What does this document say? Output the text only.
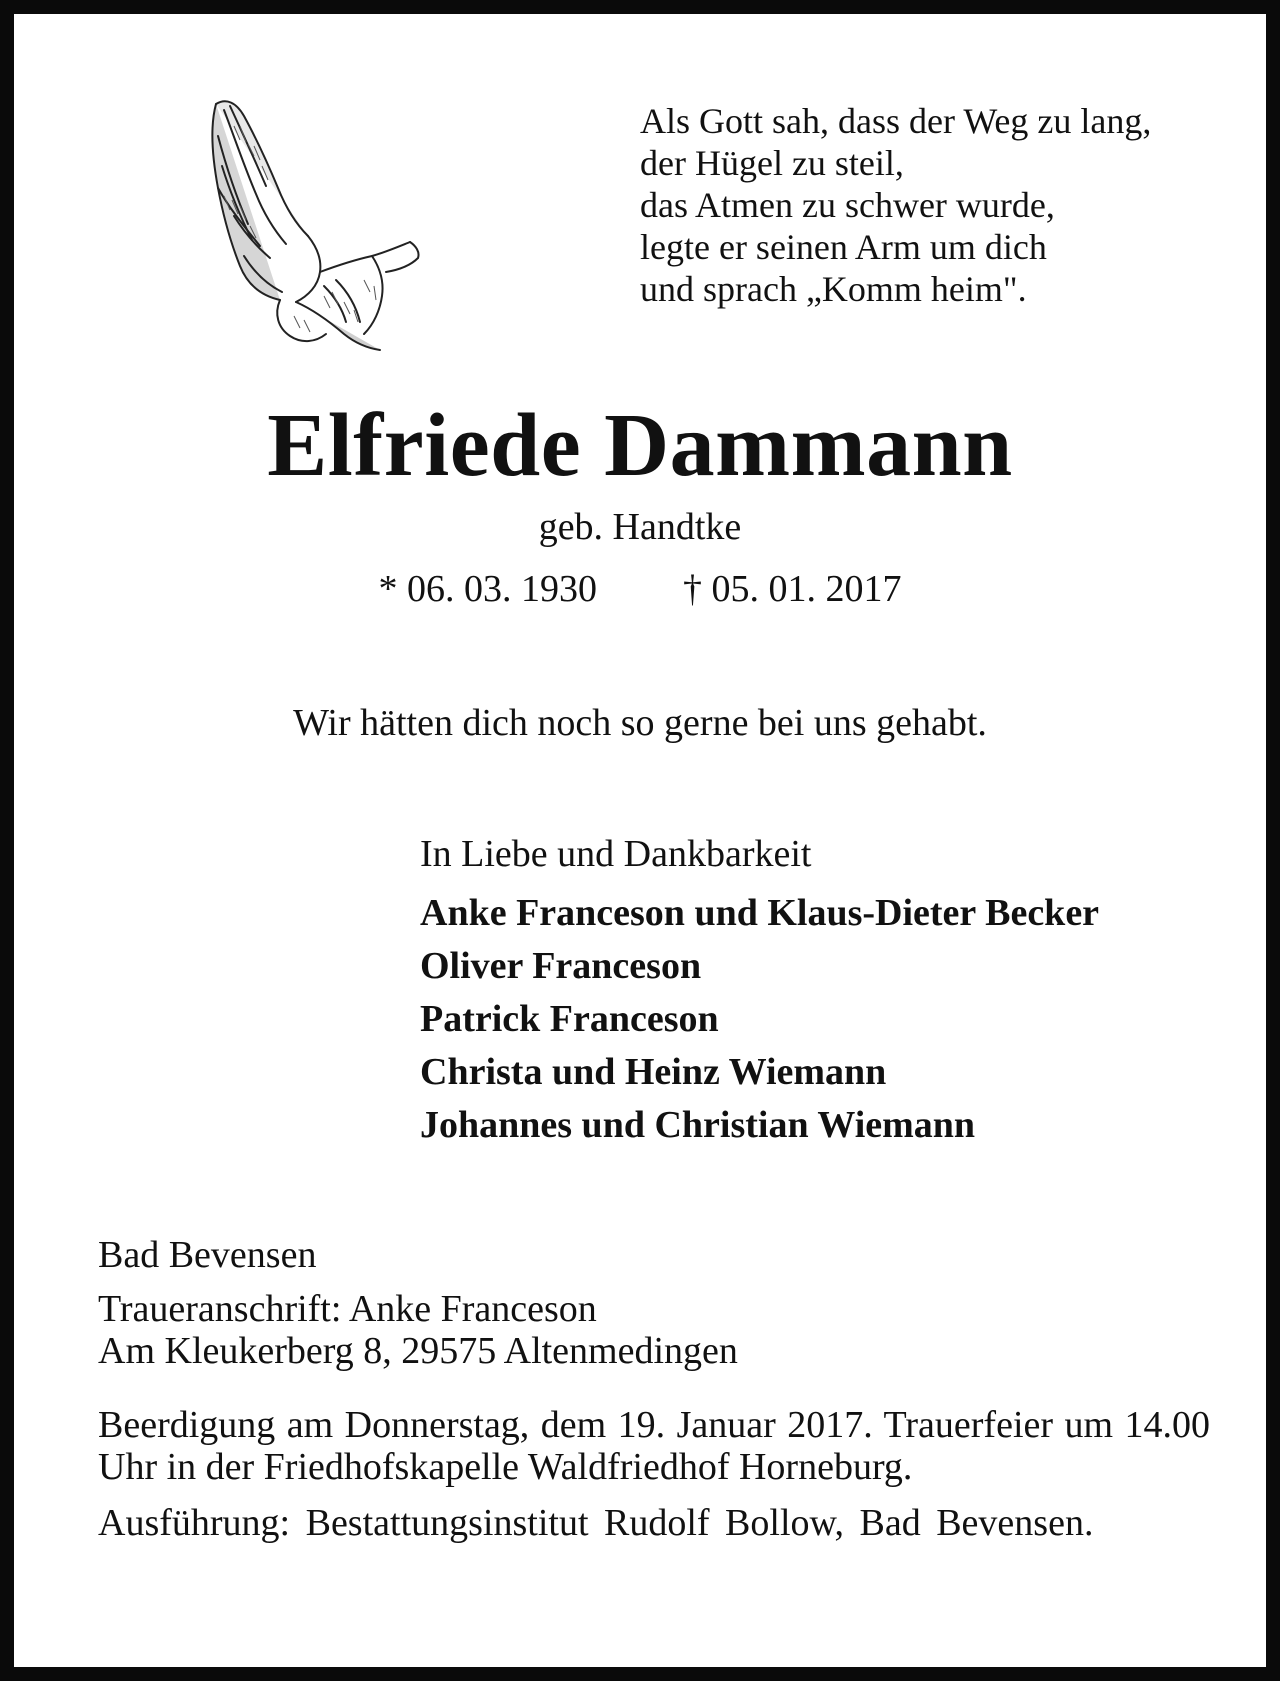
Als Gott sah, dass der Weg zu lang,
der Hügel zu steil,
das Atmen zu schwer wurde,
legte er seinen Arm um dich
und sprach „Komm heim".
Elfriede Dammann
geb. Handtke
* 06. 03. 1930 † 05. 01. 2017
Wir hätten dich noch so gerne bei uns gehabt.
In Liebe und Dankbarkeit
Anke Franceson und Klaus-Dieter Becker
Oliver Franceson
Patrick Franceson
Christa und Heinz Wiemann
Johannes und Christian Wiemann
Bad Bevensen
Traueranschrift: Anke Franceson
Am Kleukerberg 8, 29575 Altenmedingen
Beerdigung am Donnerstag, dem 19. Januar 2017. Trauerfeier um 14.00 Uhr in der Friedhofskapelle Waldfriedhof Horneburg.
Ausführung: Bestattungsinstitut Rudolf Bollow, Bad Bevensen.
